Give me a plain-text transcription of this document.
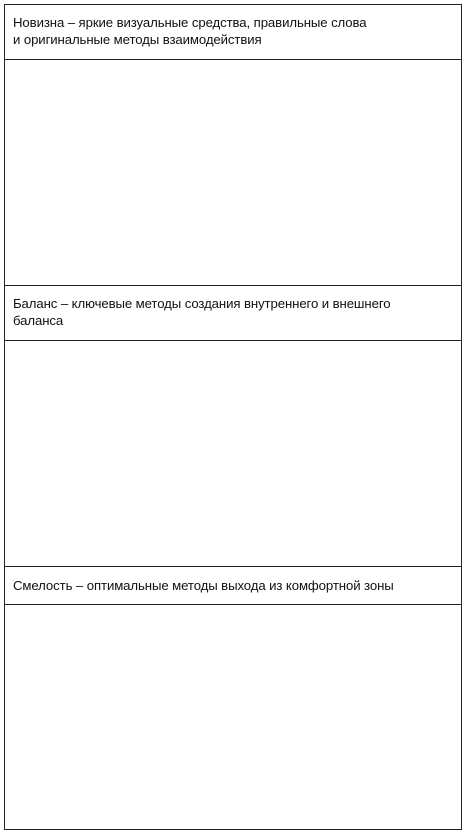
Новизна – яркие визуальные средства, правильные слова
и оригинальные методы взаимодействия
Баланс – ключевые методы создания внутреннего и внешнего
баланса
Смелость – оптимальные методы выхода из комфортной зоны
